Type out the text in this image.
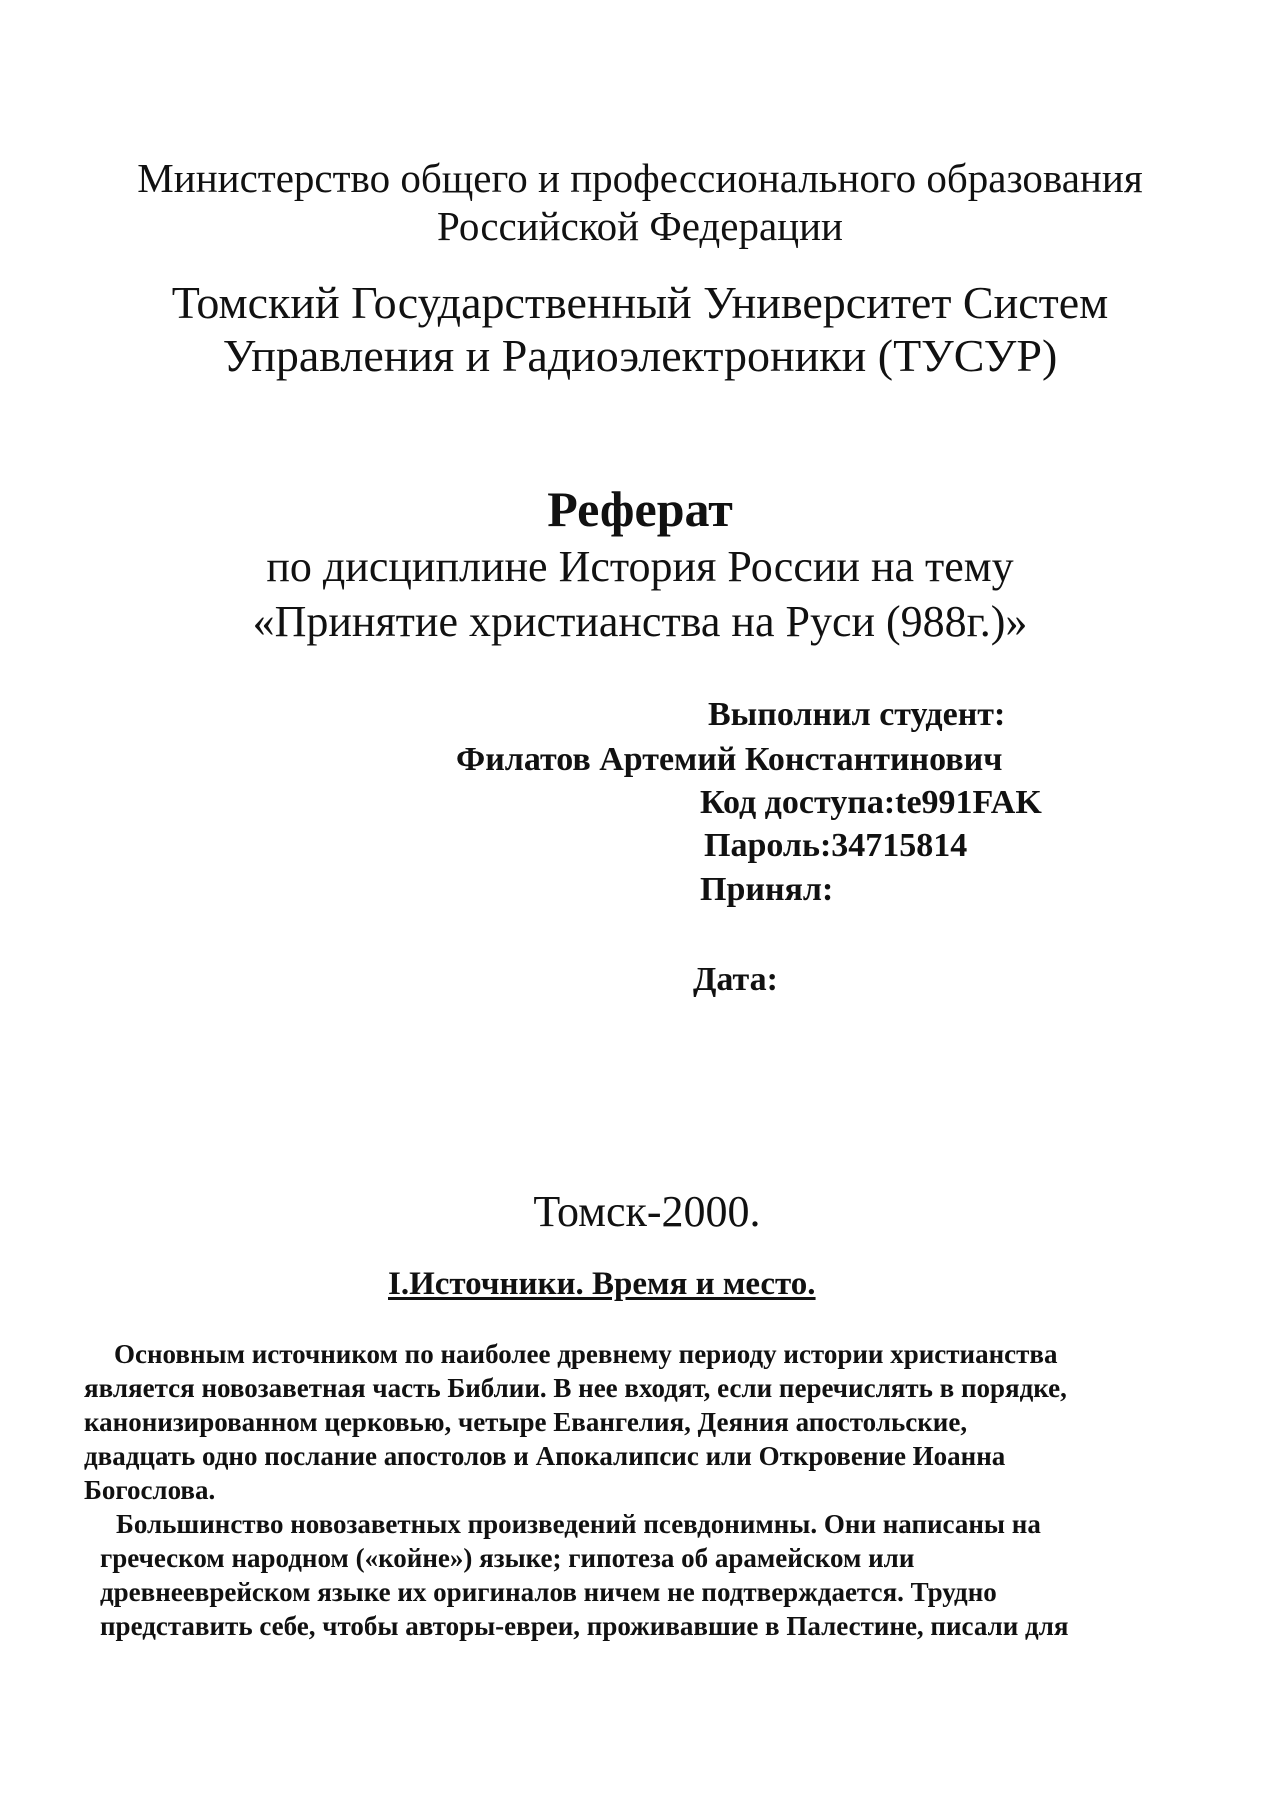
Министерство общего и профессионального образования
Российской Федерации
Томский Государственный Университет Систем
Управления и Радиоэлектроники (ТУСУР)
Реферат
по дисциплине История России на тему
«Принятие христианства на Руси (988г.)»
Выполнил студент:
Филатов Артемий Константинович
Код доступа:te991FAK
Пароль:34715814
Принял:
Дата:
Томск-2000.
I.Источники. Время и место.
Основным источником по наиболее древнему периоду истории христианства
является новозаветная часть Библии. В нее входят, если перечислять в порядке,
канонизированном церковью, четыре Евангелия, Деяния апостольские,
двадцать одно послание апостолов и Апокалипсис или Откровение Иоанна
Богослова.
Большинство новозаветных произведений псевдонимны. Они написаны на
греческом народном («койне») языке; гипотеза об арамейском или
древнееврейском языке их оригиналов ничем не подтверждается. Трудно
представить себе, чтобы авторы-евреи, проживавшие в Палестине, писали для
